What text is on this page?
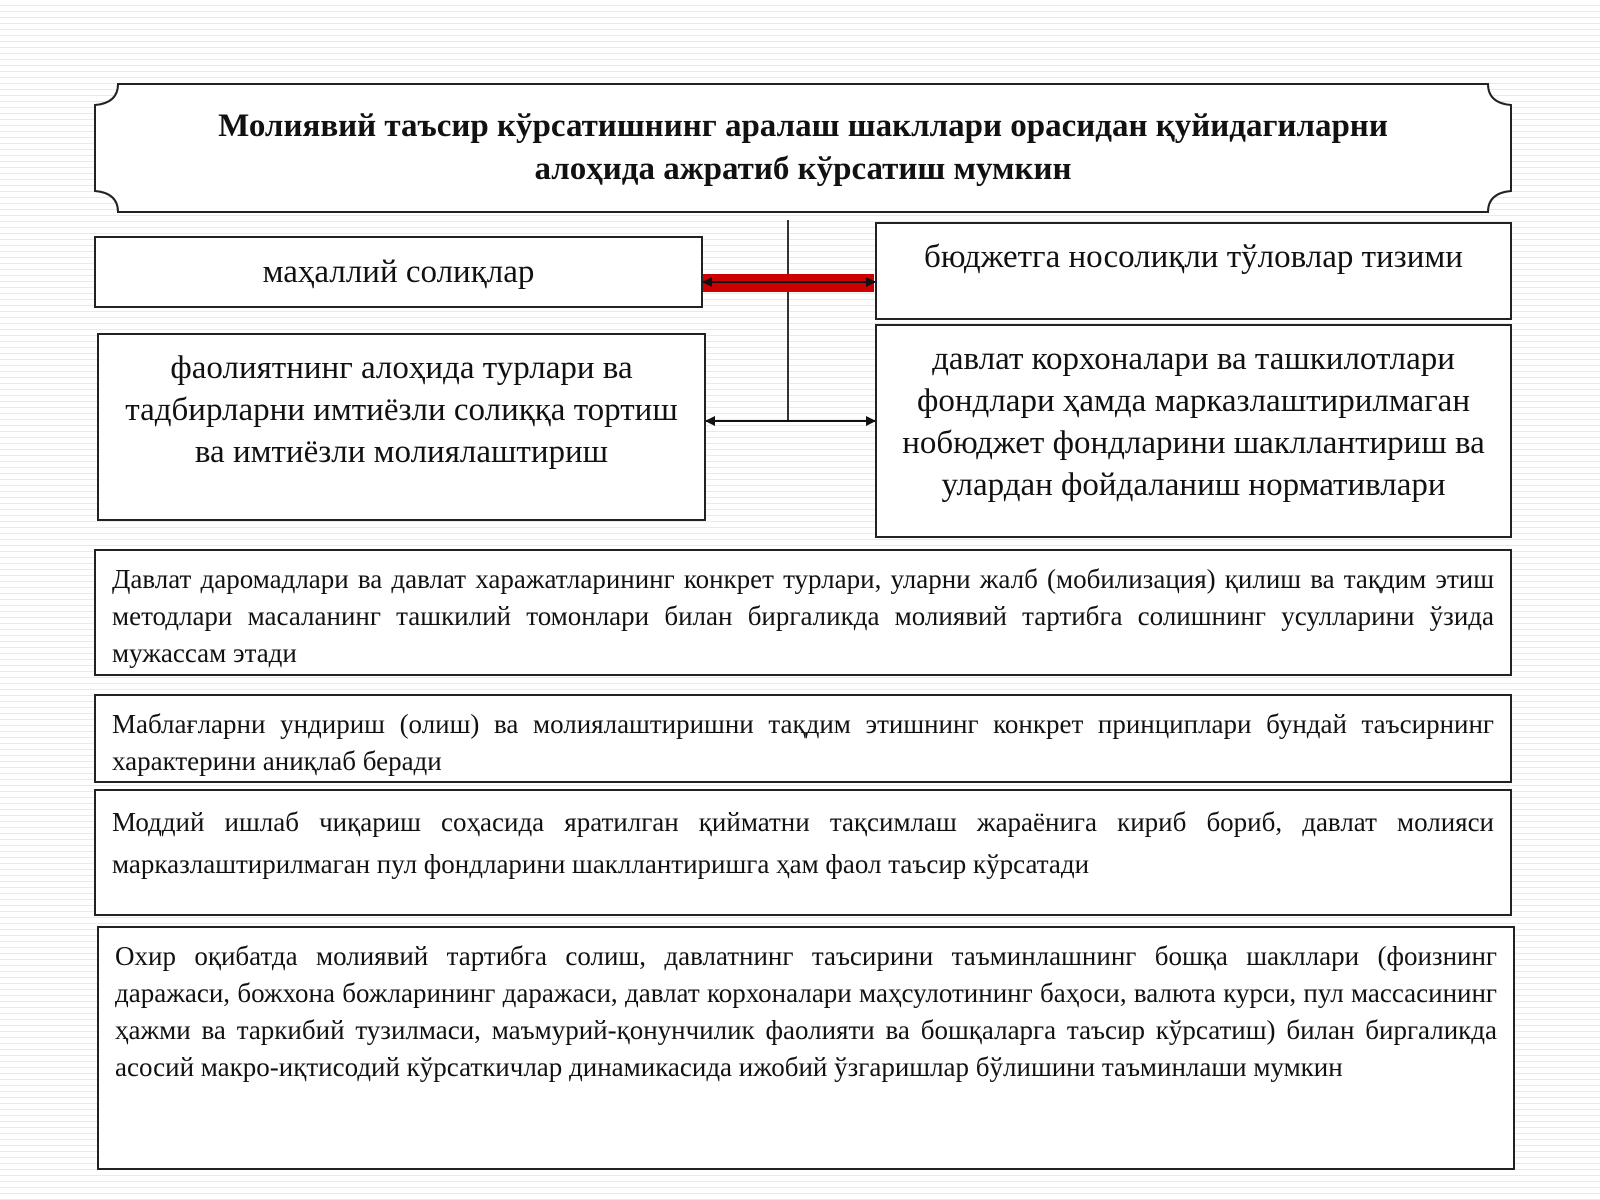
Молиявий таъсир кўрсатишнинг аралаш шакллари орасидан қуйидагиларни
алоҳида ажратиб кўрсатиш мумкин
маҳаллий солиқлар	бюджетга носолиқли тўловлар тизими
фаолиятнинг алоҳида турлари ва тадбирларни имтиёзли солиққа тортиш ва имтиёзли молиялаштириш
давлат корхоналари ва ташкилотлари фондлари ҳамда марказлаштирилмаган нобюджет фондларини шакллантириш ва улардан фойдаланиш нормативлари
Давлат даромадлари ва давлат харажатларининг конкрет турлари, уларни жалб (мобилизация) қилиш ва тақдим этиш методлари масаланинг ташкилий томонлари билан биргаликда молиявий тартибга солишнинг усулларини ўзида мужассам этади
Маблағларни ундириш (олиш) ва молиялаштиришни тақдим этишнинг конкрет принциплари бундай таъсирнинг характерини аниқлаб беради
Моддий ишлаб чиқариш соҳасида яратилган қийматни тақсимлаш жараёнига кириб бориб, давлат молияси марказлаштирилмаган пул фондларини шакллантиришга ҳам фаол таъсир кўрсатади
Охир оқибатда молиявий тартибга солиш, давлатнинг таъсирини таъминлашнинг бошқа шакллари (фоизнинг даражаси, божхона божларининг даражаси, давлат корхоналари маҳсулотининг баҳоси, валюта курси, пул массасининг ҳажми ва таркибий тузилмаси, маъмурий-қонунчилик фаолияти ва бошқаларга таъсир кўрсатиш) билан биргаликда асосий макро-иқтисодий кўрсаткичлар динамикасида ижобий ўзгаришлар бўлишини таъминлаши мумкин
